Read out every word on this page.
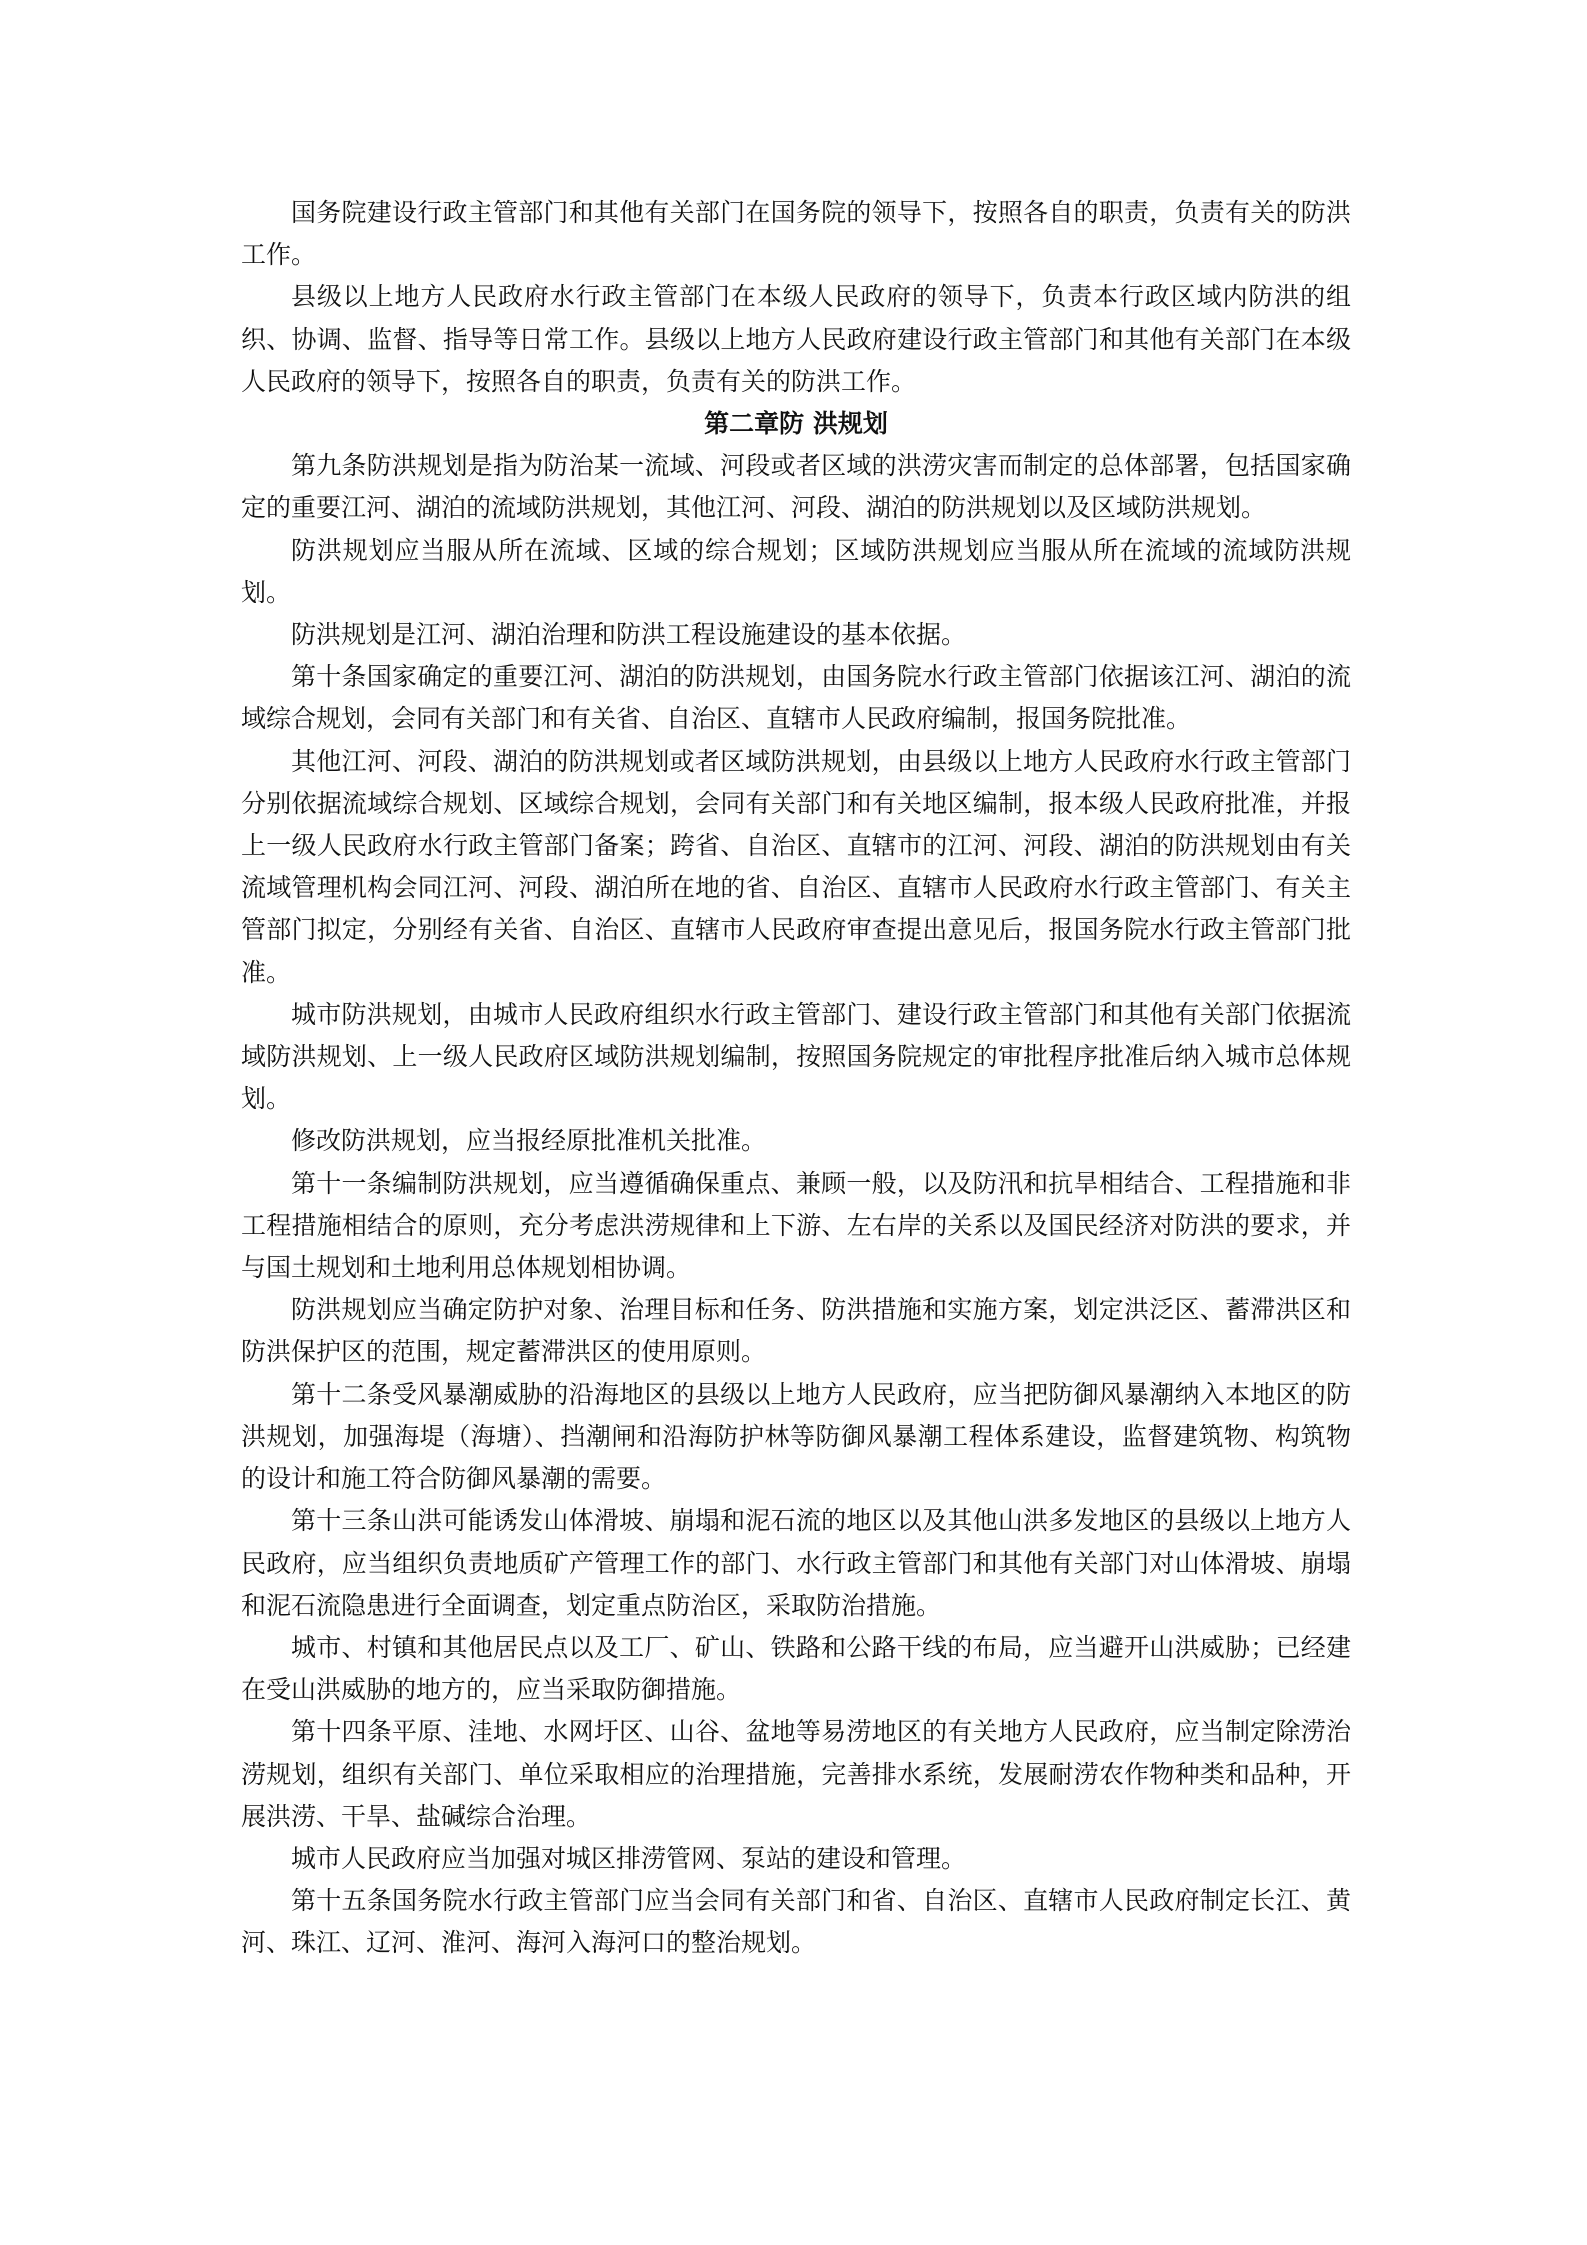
国务院建设行政主管部门和其他有关部门在国务院的领导下，按照各自的职责，负责有关的防洪工作。

县级以上地方人民政府水行政主管部门在本级人民政府的领导下，负责本行政区域内防洪的组织、协调、监督、指导等日常工作。县级以上地方人民政府建设行政主管部门和其他有关部门在本级人民政府的领导下，按照各自的职责，负责有关的防洪工作。

第二章防 洪规划

第九条防洪规划是指为防治某一流域、河段或者区域的洪涝灾害而制定的总体部署，包括国家确定的重要江河、湖泊的流域防洪规划，其他江河、河段、湖泊的防洪规划以及区域防洪规划。

防洪规划应当服从所在流域、区域的综合规划；区域防洪规划应当服从所在流域的流域防洪规划。

防洪规划是江河、湖泊治理和防洪工程设施建设的基本依据。

第十条国家确定的重要江河、湖泊的防洪规划，由国务院水行政主管部门依据该江河、湖泊的流域综合规划，会同有关部门和有关省、自治区、直辖市人民政府编制，报国务院批准。

其他江河、河段、湖泊的防洪规划或者区域防洪规划，由县级以上地方人民政府水行政主管部门分别依据流域综合规划、区域综合规划，会同有关部门和有关地区编制，报本级人民政府批准，并报上一级人民政府水行政主管部门备案；跨省、自治区、直辖市的江河、河段、湖泊的防洪规划由有关流域管理机构会同江河、河段、湖泊所在地的省、自治区、直辖市人民政府水行政主管部门、有关主管部门拟定，分别经有关省、自治区、直辖市人民政府审查提出意见后，报国务院水行政主管部门批准。

城市防洪规划，由城市人民政府组织水行政主管部门、建设行政主管部门和其他有关部门依据流域防洪规划、上一级人民政府区域防洪规划编制，按照国务院规定的审批程序批准后纳入城市总体规划。

修改防洪规划，应当报经原批准机关批准。

第十一条编制防洪规划，应当遵循确保重点、兼顾一般，以及防汛和抗旱相结合、工程措施和非工程措施相结合的原则，充分考虑洪涝规律和上下游、左右岸的关系以及国民经济对防洪的要求，并与国土规划和土地利用总体规划相协调。

防洪规划应当确定防护对象、治理目标和任务、防洪措施和实施方案，划定洪泛区、蓄滞洪区和防洪保护区的范围，规定蓄滞洪区的使用原则。

第十二条受风暴潮威胁的沿海地区的县级以上地方人民政府，应当把防御风暴潮纳入本地区的防洪规划，加强海堤（海塘）、挡潮闸和沿海防护林等防御风暴潮工程体系建设，监督建筑物、构筑物的设计和施工符合防御风暴潮的需要。

第十三条山洪可能诱发山体滑坡、崩塌和泥石流的地区以及其他山洪多发地区的县级以上地方人民政府，应当组织负责地质矿产管理工作的部门、水行政主管部门和其他有关部门对山体滑坡、崩塌和泥石流隐患进行全面调查，划定重点防治区，采取防治措施。

城市、村镇和其他居民点以及工厂、矿山、铁路和公路干线的布局，应当避开山洪威胁；已经建在受山洪威胁的地方的，应当采取防御措施。

第十四条平原、洼地、水网圩区、山谷、盆地等易涝地区的有关地方人民政府，应当制定除涝治涝规划，组织有关部门、单位采取相应的治理措施，完善排水系统，发展耐涝农作物种类和品种，开展洪涝、干旱、盐碱综合治理。

城市人民政府应当加强对城区排涝管网、泵站的建设和管理。

第十五条国务院水行政主管部门应当会同有关部门和省、自治区、直辖市人民政府制定长江、黄河、珠江、辽河、淮河、海河入海河口的整治规划。
